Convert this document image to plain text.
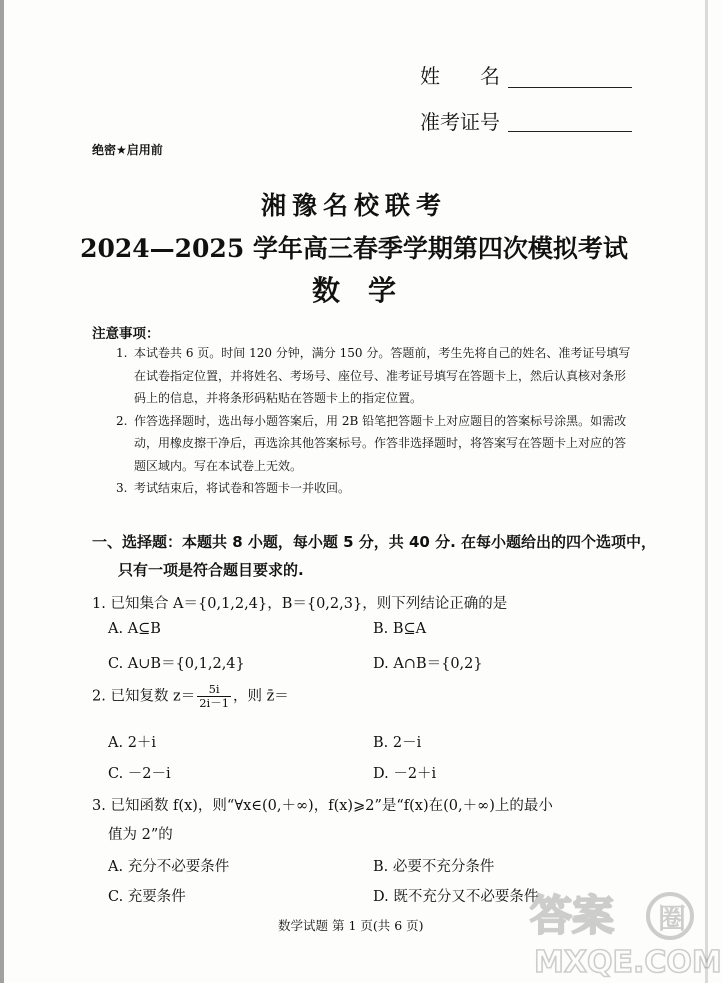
姓　　名
准考证号
绝密★启用前
湘豫名校联考
2024—2025 学年高三春季学期第四次模拟考试
数学
注意事项：
1. 本试卷共 6 页。时间 120 分钟，满分 150 分。答题前，考生先将自己的姓名、准考证号填写在试卷指定位置，并将姓名、考场号、座位号、准考证号填写在答题卡上，然后认真核对条形码上的信息，并将条形码粘贴在答题卡上的指定位置。
2. 作答选择题时，选出每小题答案后，用 2B 铅笔把答题卡上对应题目的答案标号涂黑。如需改动，用橡皮擦干净后，再选涂其他答案标号。作答非选择题时，将答案写在答题卡上对应的答题区域内。写在本试卷上无效。
3. 考试结束后，将试卷和答题卡一并收回。
一、选择题：本题共 8 小题，每小题 5 分，共 40 分. 在每小题给出的四个选项中，
只有一项是符合题目要求的.
1. 已知集合 A＝{0,1,2,4}，B＝{0,2,3}，则下列结论正确的是
A. A⊆B	B. B⊆A
C. A∪B＝{0,1,2,4}	D. A∩B＝{0,2}
2. 已知复数 $z= \frac{5i}{2i-1}$ ，则 z̄＝
A. 2＋i	B. 2－i
C. －2－i	D. －2＋i
3. 已知函数 f(x)，则“∀x∈(0,＋∞)，f(x)⩾2”是“f(x)在(0,＋∞)上的最小
值为 2”的
A. 充分不必要条件	B. 必要不充分条件
C. 充要条件	D. 既不充分又不必要条件
数学试题 第 1 页(共 6 页)	答案 圈
MXQE.COM
